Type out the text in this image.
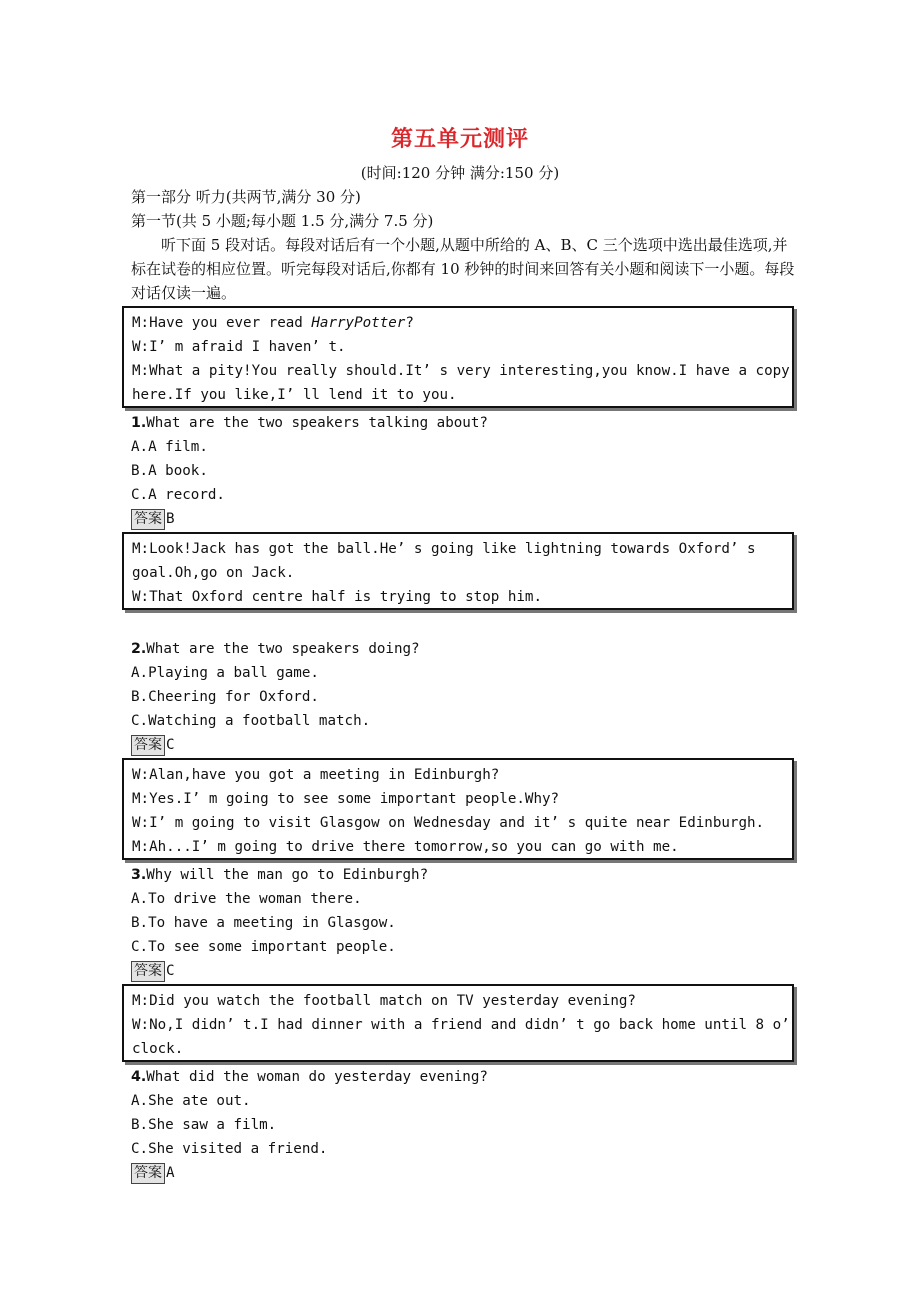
第五单元测评
(时间:120 分钟 满分:150 分)
第一部分 听力(共两节,满分 30 分)
第一节(共 5 小题;每小题 1.5 分,满分 7.5 分)
听下面 5 段对话。每段对话后有一个小题,从题中所给的 A、B、C 三个选项中选出最佳选项,并标在试卷的相应位置。听完每段对话后,你都有 10 秒钟的时间来回答有关小题和阅读下一小题。每段对话仅读一遍。
M:Have you ever read HarryPotter?
W:I’ m afraid I haven’ t.
M:What a pity!You really should.It’ s very interesting,you know.I have a copy
here.If you like,I’ ll lend it to you.
1.What are the two speakers talking about?
A.A film.
B.A book.
C.A record.
答案 B
M:Look!Jack has got the ball.He’ s going like lightning towards Oxford’ s
goal.Oh,go on Jack.
W:That Oxford centre half is trying to stop him.
2.What are the two speakers doing?
A.Playing a ball game.
B.Cheering for Oxford.
C.Watching a football match.
答案 C
W:Alan,have you got a meeting in Edinburgh?
M:Yes.I’ m going to see some important people.Why?
W:I’ m going to visit Glasgow on Wednesday and it’ s quite near Edinburgh.
M:Ah...I’ m going to drive there tomorrow,so you can go with me.
3.Why will the man go to Edinburgh?
A.To drive the woman there.
B.To have a meeting in Glasgow.
C.To see some important people.
答案 C
M:Did you watch the football match on TV yesterday evening?
W:No,I didn’ t.I had dinner with a friend and didn’ t go back home until 8 o’
clock.
4.What did the woman do yesterday evening?
A.She ate out.
B.She saw a film.
C.She visited a friend.
答案 A
